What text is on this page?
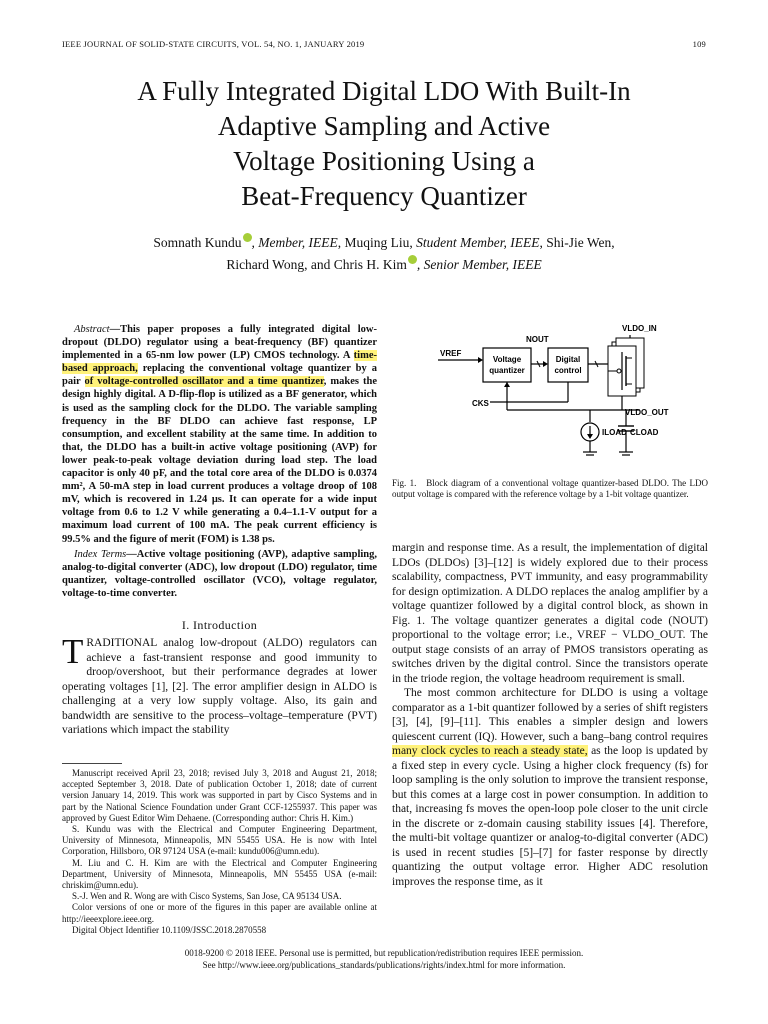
IEEE JOURNAL OF SOLID-STATE CIRCUITS, VOL. 54, NO. 1, JANUARY 2019	109
A Fully Integrated Digital LDO With Built-In
Adaptive Sampling and Active
Voltage Positioning Using a
Beat-Frequency Quantizer
Somnath Kundu , Member, IEEE, Muqing Liu, Student Member, IEEE, Shi-Jie Wen,
Richard Wong, and Chris H. Kim , Senior Member, IEEE

Abstract—This paper proposes a fully integrated digital low-dropout (DLDO) regulator using a beat-frequency (BF) quantizer implemented in a 65-nm low power (LP) CMOS technology. A time-based approach, replacing the conventional voltage quantizer by a pair of voltage-controlled oscillator and a time quantizer, makes the design highly digital. A D-flip-flop is utilized as a BF generator, which is used as the sampling clock for the DLDO. The variable sampling frequency in the BF DLDO can achieve fast response, LP consumption, and excellent stability at the same time. In addition to that, the DLDO has a built-in active voltage positioning (AVP) for lower peak-to-peak voltage deviation during load step. The load capacitor is only 40 pF, and the total core area of the DLDO is 0.0374 mm², A 50-mA step in load current produces a voltage droop of 108 mV, which is recovered in 1.24 μs. It can operate for a wide input voltage from 0.6 to 1.2 V while generating a 0.4–1.1-V output for a maximum load current of 100 mA. The peak current efficiency is 99.5% and the figure of merit (FOM) is 1.38 ps.

Index Terms—Active voltage positioning (AVP), adaptive sampling, analog-to-digital converter (ADC), low dropout (LDO) regulator, time quantizer, voltage-controlled oscillator (VCO), voltage regulator, voltage-to-time converter.

I. Introduction

TRADITIONAL analog low-dropout (ALDO) regulators can achieve a fast-transient response and good immunity to droop/overshoot, but their performance degrades at lower operating voltages [1], [2]. The error amplifier design in ALDO is challenging at a very low supply voltage. Also, its gain and bandwidth are sensitive to the process–voltage–temperature (PVT) variations which impact the stability

Manuscript received April 23, 2018; revised July 3, 2018 and August 21, 2018; accepted September 3, 2018. Date of publication October 1, 2018; date of current version January 14, 2019. This work was supported in part by Cisco Systems and in part by the National Science Foundation under Grant CCF-1255937. This paper was approved by Guest Editor Wim Dehaene. (Corresponding author: Chris H. Kim.)

S. Kundu was with the Electrical and Computer Engineering Department, University of Minnesota, Minneapolis, MN 55455 USA. He is now with Intel Corporation, Hillsboro, OR 97124 USA (e-mail: kundu006@umn.edu).

M. Liu and C. H. Kim are with the Electrical and Computer Engineering Department, University of Minnesota, Minneapolis, MN 55455 USA (e-mail: chriskim@umn.edu).

S.-J. Wen and R. Wong are with Cisco Systems, San Jose, CA 95134 USA.

Color versions of one or more of the figures in this paper are available online at http://ieeexplore.ieee.org.

Digital Object Identifier 10.1109/JSSC.2018.2870558

VREF
Voltage
quantizer
NOUT
Digital
control
VLDO_IN
VLDO_OUT
CKS
ILOAD CLOAD
Fig. 1. Block diagram of a conventional voltage quantizer-based DLDO. The LDO output voltage is compared with the reference voltage by a 1-bit voltage quantizer.

margin and response time. As a result, the implementation of digital LDOs (DLDOs) [3]–[12] is widely explored due to their process scalability, compactness, PVT immunity, and easy programmability for design optimization. A DLDO replaces the analog amplifier by a voltage quantizer followed by a digital control block, as shown in Fig. 1. The voltage quantizer generates a digital code (NOUT) proportional to the voltage error; i.e., VREF − VLDO_OUT. The output stage consists of an array of PMOS transistors operating as switches driven by the digital control. Since the transistors operate in the triode region, the voltage headroom requirement is small.

The most common architecture for DLDO is using a voltage comparator as a 1-bit quantizer followed by a series of shift registers [3], [4], [9]–[11]. This enables a simpler design and lowers quiescent current (IQ). However, such a bang–bang control requires many clock cycles to reach a steady state, as the loop is updated by a fixed step in every cycle. Using a higher clock frequency (fs) for loop sampling is the only solution to improve the transient response, but this comes at a large cost in power consumption. In addition to that, increasing fs moves the open-loop pole closer to the unit circle in the discrete or z-domain causing stability issues [4]. Therefore, the multi-bit voltage quantizer or analog-to-digital converter (ADC) is used in recent studies [5]–[7] for faster response by directly quantizing the output voltage error. Higher ADC resolution improves the response time, as it

0018-9200 © 2018 IEEE. Personal use is permitted, but republication/redistribution requires IEEE permission.
See http://www.ieee.org/publications_standards/publications/rights/index.html for more information.
